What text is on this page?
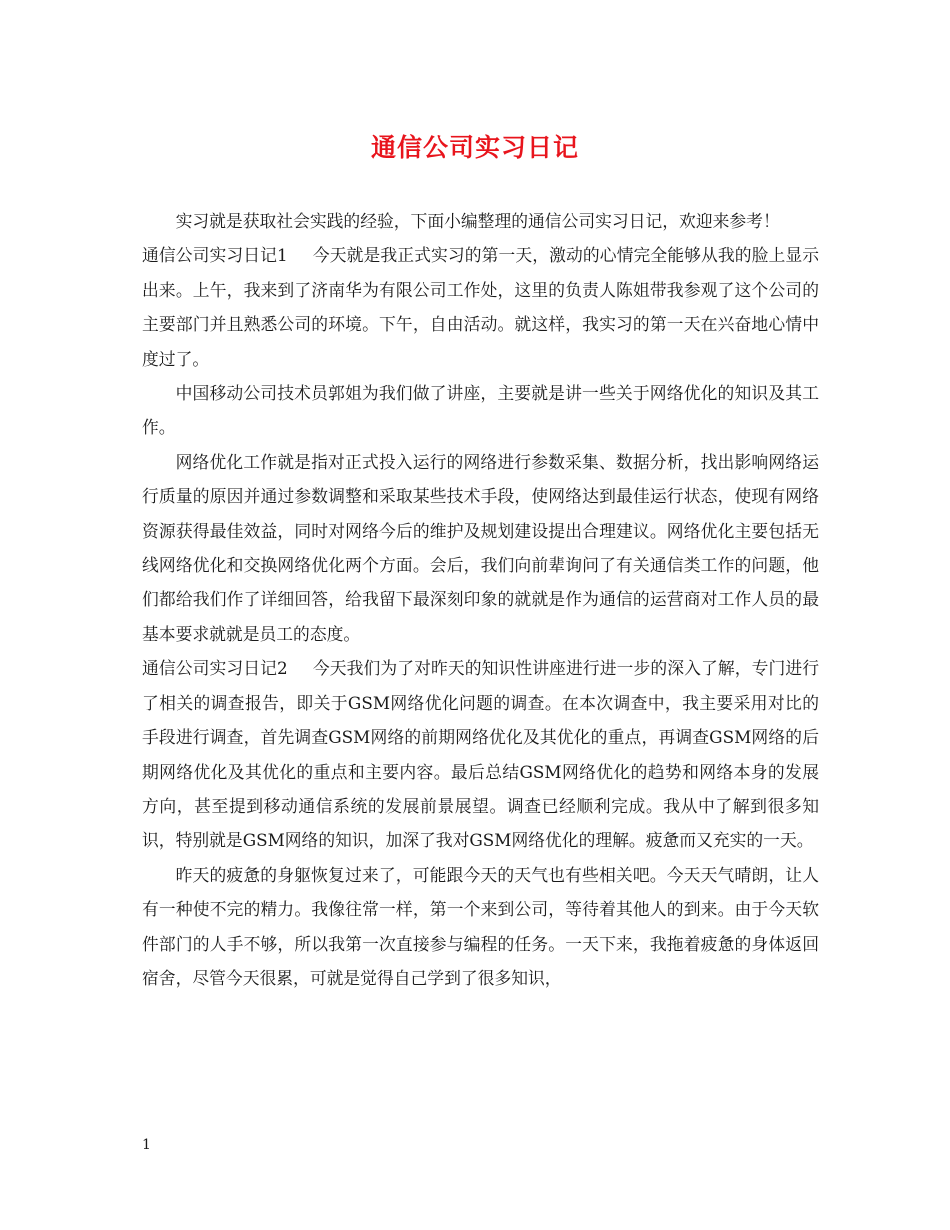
通信公司实习日记

实习就是获取社会实践的经验，下面小编整理的通信公司实习日记，欢迎来参考！

通信公司实习日记1 今天就是我正式实习的第一天，激动的心情完全能够从我的脸上显示出来。上午，我来到了济南华为有限公司工作处，这里的负责人陈姐带我参观了这个公司的主要部门并且熟悉公司的环境。下午，自由活动。就这样，我实习的第一天在兴奋地心情中度过了。

中国移动公司技术员郭姐为我们做了讲座，主要就是讲一些关于网络优化的知识及其工作。

网络优化工作就是指对正式投入运行的网络进行参数采集、数据分析，找出影响网络运行质量的原因并通过参数调整和采取某些技术手段，使网络达到最佳运行状态，使现有网络资源获得最佳效益，同时对网络今后的维护及规划建设提出合理建议。网络优化主要包括无线网络优化和交换网络优化两个方面。会后，我们向前辈询问了有关通信类工作的问题，他们都给我们作了详细回答，给我留下最深刻印象的就就是作为通信的运营商对工作人员的最基本要求就就是员工的态度。

通信公司实习日记2 今天我们为了对昨天的知识性讲座进行进一步的深入了解，专门进行了相关的调查报告，即关于GSM网络优化问题的调查。在本次调查中，我主要采用对比的手段进行调查，首先调查GSM网络的前期网络优化及其优化的重点，再调查GSM网络的后期网络优化及其优化的重点和主要内容。最后总结GSM网络优化的趋势和网络本身的发展方向，甚至提到移动通信系统的发展前景展望。调查已经顺利完成。我从中了解到很多知识，特别就是GSM网络的知识，加深了我对GSM网络优化的理解。疲惫而又充实的一天。

昨天的疲惫的身躯恢复过来了，可能跟今天的天气也有些相关吧。今天天气晴朗，让人有一种使不完的精力。我像往常一样，第一个来到公司，等待着其他人的到来。由于今天软件部门的人手不够，所以我第一次直接参与编程的任务。一天下来，我拖着疲惫的身体返回宿舍，尽管今天很累，可就是觉得自己学到了很多知识，

1
